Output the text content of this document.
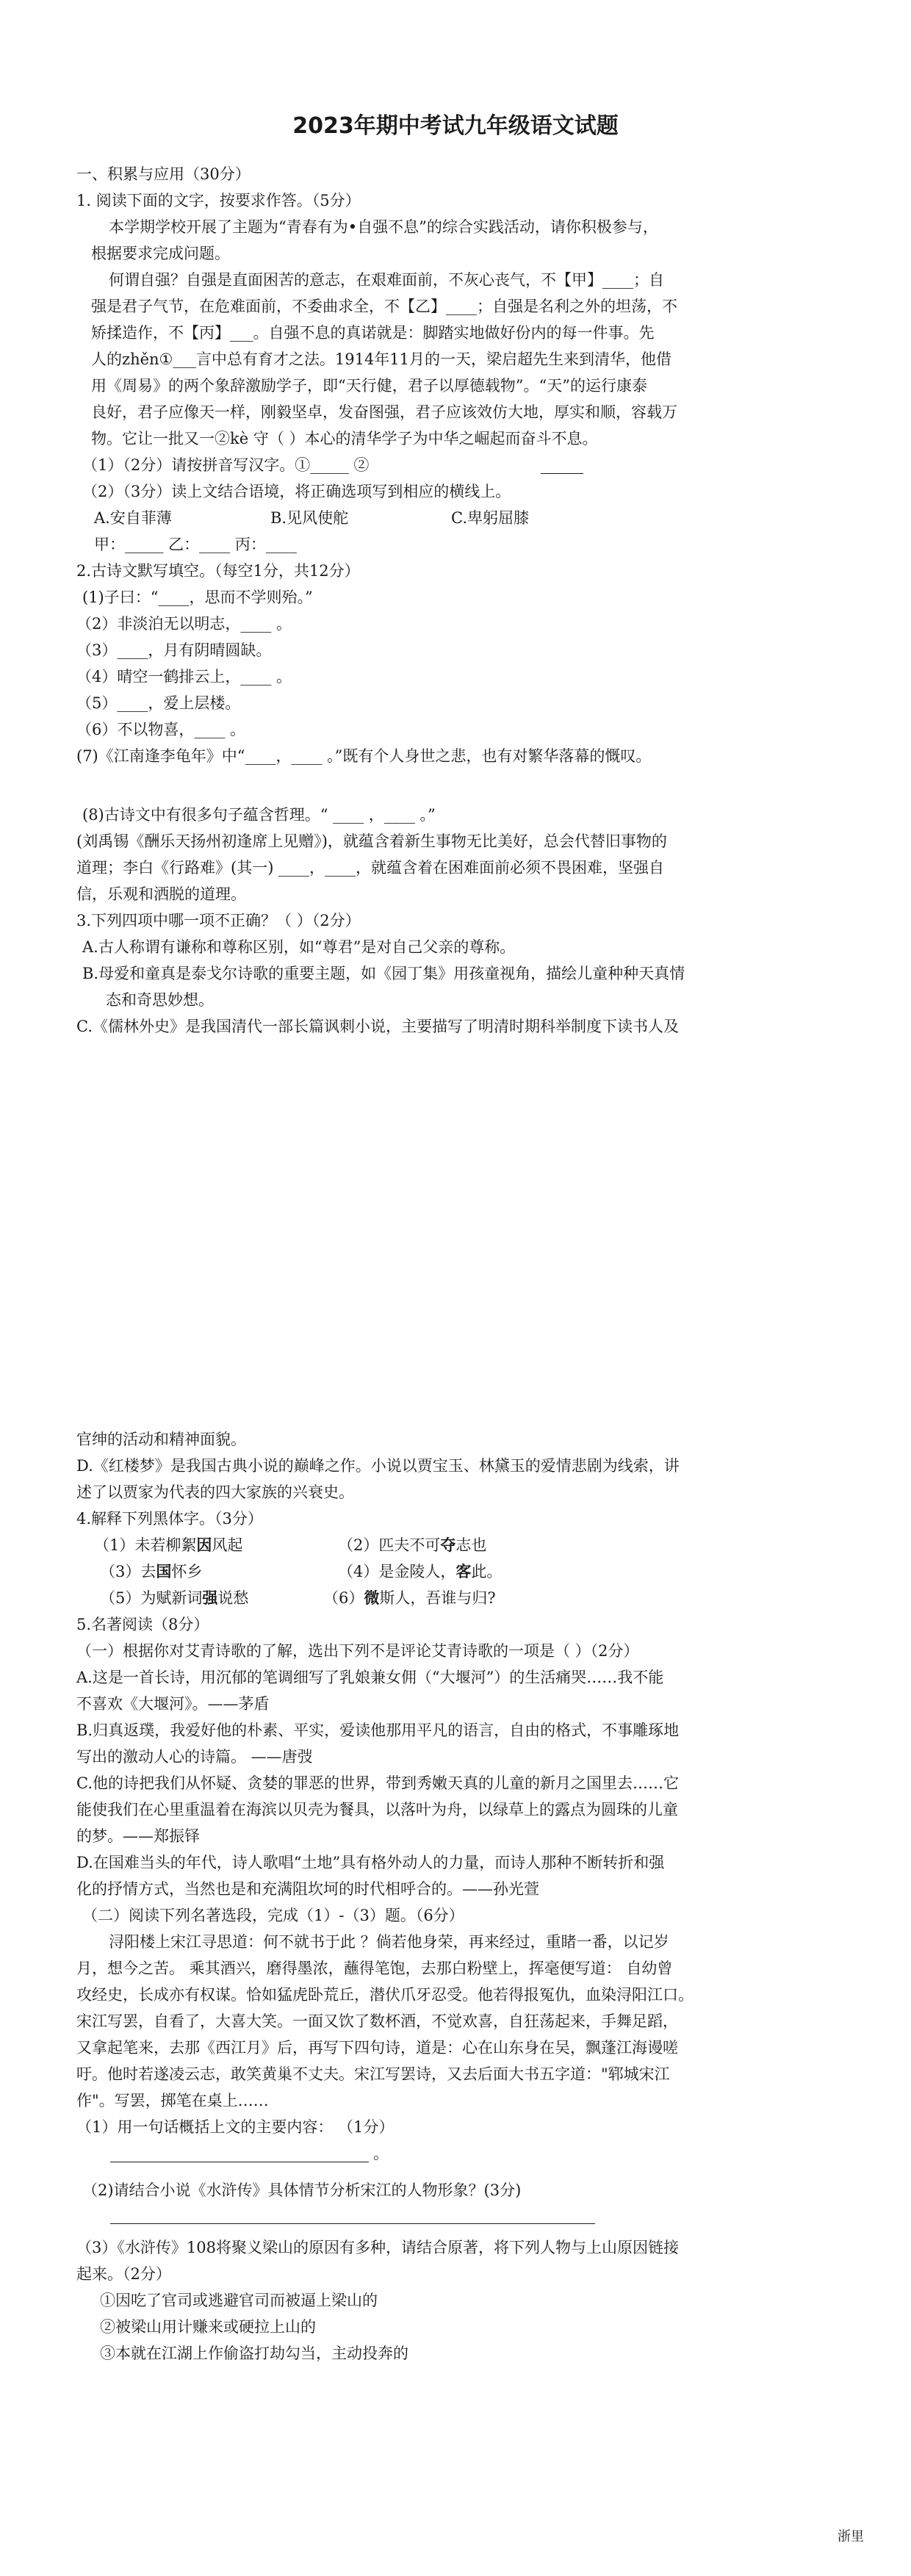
2023年期中考试九年级语文试题
一、积累与应用（30分）
1. 阅读下面的文字，按要求作答。（5分）
本学期学校开展了主题为“青春有为•自强不息”的综合实践活动，请你积极参与，
根据要求完成问题。
何谓自强？自强是直面困苦的意志，在艰难面前，不灰心丧气，不【甲】____；自
强是君子气节，在危难面前，不委曲求全，不【乙】____；自强是名利之外的坦荡，不
矫揉造作，不【丙】___。自强不息的真诺就是：脚踏实地做好份内的每一件事。先
人的zhěn①___言中总有育才之法。1914年11月的一天，梁启超先生来到清华，他借
用《周易》的两个象辞激励学子，即“天行健，君子以厚德载物”。“天”的运行康泰
良好，君子应像天一样，刚毅坚卓，发奋图强，君子应该效仿大地，厚实和顺，容载万
物。它让一批又一②kè 守（ ）本心的清华学子为中华之崛起而奋斗不息。
（1）（2分）请按拼音写汉字。①_____ ②
（2）（3分）读上文结合语境，将正确选项写到相应的横线上。
A.安自菲薄	B.见风使舵	C.卑躬屈膝
甲：_____ 乙：____ 丙：____
2.古诗文默写填空。（每空1分，共12分）
(1)子曰：“____，思而不学则殆。”
（2）非淡泊无以明志，____ 。
（3）____，月有阴晴圆缺。
（4）晴空一鹤排云上，____ 。
（5）____，爱上层楼。
（6）不以物喜，____ 。
(7)《江南逢李龟年》中“____，____ 。”既有个人身世之悲，也有对繁华落幕的慨叹。
(8)古诗文中有很多句子蕴含哲理。“ ____ ，____ 。”
(刘禹锡《酬乐天扬州初逢席上见赠》)，就蕴含着新生事物无比美好，总会代替旧事物的
道理；李白《行路难》(其一) ____，____，就蕴含着在困难面前必须不畏困难，坚强自
信，乐观和洒脱的道理。
3.下列四项中哪一项不正确？（ ）（2分）
A.古人称谓有谦称和尊称区别，如“尊君”是对自己父亲的尊称。
B.母爱和童真是泰戈尔诗歌的重要主题，如《园丁集》用孩童视角，描绘儿童种种天真情
态和奇思妙想。
C.《儒林外史》是我国清代一部长篇讽刺小说，主要描写了明清时期科举制度下读书人及
官绅的活动和精神面貌。
D.《红楼梦》是我国古典小说的巅峰之作。小说以贾宝玉、林黛玉的爱情悲剧为线索，讲
述了以贾家为代表的四大家族的兴衰史。
4.解释下列黑体字。（3分）
（1）未若柳絮因风起	（2）匹夫不可夺志也
（3）去国怀乡	（4）是金陵人，客此。
（5）为赋新词强说愁	（6）微斯人，吾谁与归?
5.名著阅读（8分）
（一）根据你对艾青诗歌的了解，选出下列不是评论艾青诗歌的一项是（ ）（2分）
A.这是一首长诗，用沉郁的笔调细写了乳娘兼女佣（“大堰河”）的生活痛哭……我不能
不喜欢《大堰河》。——茅盾
B.归真返璞，我爱好他的朴素、平实，爱读他那用平凡的语言，自由的格式，不事雕琢地
写出的激动人心的诗篇。 ——唐弢
C.他的诗把我们从怀疑、贪婪的罪恶的世界，带到秀嫩天真的儿童的新月之国里去……它
能使我们在心里重温着在海滨以贝壳为餐具，以落叶为舟，以绿草上的露点为圆珠的儿童
的梦。——郑振铎
D.在国难当头的年代，诗人歌唱“土地”具有格外动人的力量，而诗人那种不断转折和强
化的抒情方式，当然也是和充满阻坎坷的时代相呼合的。——孙光萱
（二）阅读下列名著选段，完成（1）-（3）题。（6分）
浔阳楼上宋江寻思道：何不就书于此 ？倘若他身荣，再来经过，重睹一番，以记岁
月，想今之苦。 乘其酒兴，磨得墨浓，蘸得笔饱，去那白粉壁上，挥毫便写道： 自幼曾
攻经史，长成亦有权谋。恰如猛虎卧荒丘，潜伏爪牙忍受。他若得报冤仇，血染浔阳江口。
宋江写罢，自看了，大喜大笑。一面又饮了数杯酒，不觉欢喜，自狂荡起来，手舞足蹈，
又拿起笔来，去那《西江月》后，再写下四句诗，道是：心在山东身在吴，飘蓬江海谩嗟
吁。他时若遂凌云志，敢笑黄巢不丈夫。宋江写罢诗，又去后面大书五字道："郓城宋江
作"。写罢，掷笔在桌上……
（1）用一句话概括上文的主要内容： （1分）
。
（2)请结合小说《水浒传》具体情节分析宋江的人物形象？(3分)
（3）《水浒传》108将聚义梁山的原因有多种，请结合原著，将下列人物与上山原因链接
起来。（2分）
①因吃了官司或逃避官司而被逼上梁山的
②被梁山用计赚来或硬拉上山的
③本就在江湖上作偷盗打劫勾当，主动投奔的
浙里
